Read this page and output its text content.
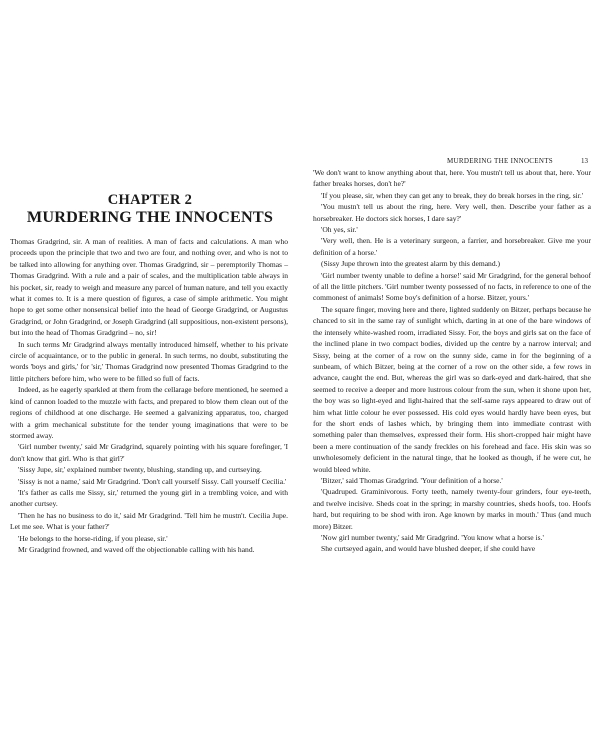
CHAPTER 2
MURDERING THE INNOCENTS

Thomas Gradgrind, sir. A man of realities. A man of facts and calculations. A man who proceeds upon the principle that two and two are four, and nothing over, and who is not to be talked into allowing for anything over. Thomas Gradgrind, sir – peremptorily Thomas – Thomas Gradgrind. With a rule and a pair of scales, and the multiplication table always in his pocket, sir, ready to weigh and measure any parcel of human nature, and tell you exactly what it comes to. It is a mere question of figures, a case of simple arithmetic. You might hope to get some other nonsensical belief into the head of George Gradgrind, or Augustus Gradgrind, or John Gradgrind, or Joseph Gradgrind (all suppositious, non-existent persons), but into the head of Thomas Gradgrind – no, sir!

In such terms Mr Gradgrind always mentally introduced himself, whether to his private circle of acquaintance, or to the public in general. In such terms, no doubt, substituting the words 'boys and girls,' for 'sir,' Thomas Gradgrind now presented Thomas Gradgrind to the little pitchers before him, who were to be filled so full of facts.

Indeed, as he eagerly sparkled at them from the cellarage before mentioned, he seemed a kind of cannon loaded to the muzzle with facts, and prepared to blow them clean out of the regions of childhood at one discharge. He seemed a galvanizing apparatus, too, charged with a grim mechanical substitute for the tender young imaginations that were to be stormed away.

'Girl number twenty,' said Mr Gradgrind, squarely pointing with his square forefinger, 'I don't know that girl. Who is that girl?'

'Sissy Jupe, sir,' explained number twenty, blushing, standing up, and curtseying.

'Sissy is not a name,' said Mr Gradgrind. 'Don't call yourself Sissy. Call yourself Cecilia.'

'It's father as calls me Sissy, sir,' returned the young girl in a trembling voice, and with another curtsey.

'Then he has no business to do it,' said Mr Gradgrind. 'Tell him he mustn't. Cecilia Jupe. Let me see. What is your father?'

'He belongs to the horse-riding, if you please, sir.'

Mr Gradgrind frowned, and waved off the objectionable calling with his hand.

MURDERING THE INNOCENTS	13

'We don't want to know anything about that, here. You mustn't tell us about that, here. Your father breaks horses, don't he?'

'If you please, sir, when they can get any to break, they do break horses in the ring, sir.'

'You mustn't tell us about the ring, here. Very well, then. Describe your father as a horsebreaker. He doctors sick horses, I dare say?'

'Oh yes, sir.'

'Very well, then. He is a veterinary surgeon, a farrier, and horsebreaker. Give me your definition of a horse.'

(Sissy Jupe thrown into the greatest alarm by this demand.)

'Girl number twenty unable to define a horse!' said Mr Gradgrind, for the general behoof of all the little pitchers. 'Girl number twenty possessed of no facts, in reference to one of the commonest of animals! Some boy's definition of a horse. Bitzer, yours.'

The square finger, moving here and there, lighted suddenly on Bitzer, perhaps because he chanced to sit in the same ray of sunlight which, darting in at one of the bare windows of the intensely white-washed room, irradiated Sissy. For, the boys and girls sat on the face of the inclined plane in two compact bodies, divided up the centre by a narrow interval; and Sissy, being at the corner of a row on the sunny side, came in for the beginning of a sunbeam, of which Bitzer, being at the corner of a row on the other side, a few rows in advance, caught the end. But, whereas the girl was so dark-eyed and dark-haired, that she seemed to receive a deeper and more lustrous colour from the sun, when it shone upon her, the boy was so light-eyed and light-haired that the self-same rays appeared to draw out of him what little colour he ever possessed. His cold eyes would hardly have been eyes, but for the short ends of lashes which, by bringing them into immediate contrast with something paler than themselves, expressed their form. His short-cropped hair might have been a mere continuation of the sandy freckles on his forehead and face. His skin was so unwholesomely deficient in the natural tinge, that he looked as though, if he were cut, he would bleed white.

'Bitzer,' said Thomas Gradgrind. 'Your definition of a horse.'

'Quadruped. Graminivorous. Forty teeth, namely twenty-four grinders, four eye-teeth, and twelve incisive. Sheds coat in the spring; in marshy countries, sheds hoofs, too. Hoofs hard, but requiring to be shod with iron. Age known by marks in mouth.' Thus (and much more) Bitzer.

'Now girl number twenty,' said Mr Gradgrind. 'You know what a horse is.'

She curtseyed again, and would have blushed deeper, if she could have
